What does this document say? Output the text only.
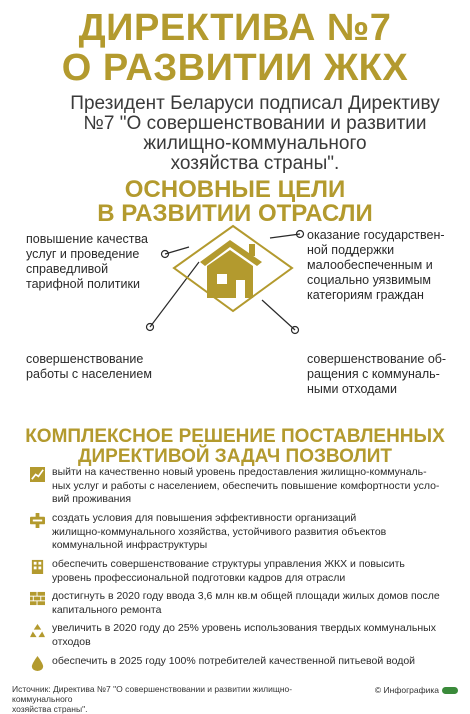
ДИРЕКТИВА №7
О РАЗВИТИИ ЖКХ
Президент Беларуси подписал Директиву
№7 "О совершенствовании и развитии
жилищно-коммунального
хозяйства страны".
ОСНОВНЫЕ ЦЕЛИ
В РАЗВИТИИ ОТРАСЛИ
повышение качества
услуг и проведение
справедливой
тарифной политики
оказание государствен-
ной поддержки
малообеспеченным и
социально уязвимым
категориям граждан
совершенствование
работы с населением
совершенствование об-
ращения с коммуналь-
ными отходами
КОМПЛЕКСНОЕ РЕШЕНИЕ ПОСТАВЛЕННЫХ
ДИРЕКТИВОЙ ЗАДАЧ ПОЗВОЛИТ
выйти на качественно новый уровень предоставления жилищно-коммуналь-
ных услуг и работы с населением, обеспечить повышение комфортности усло-
вий проживания
создать условия для повышения эффективности организаций
жилищно-коммунального хозяйства, устойчивого развития объектов
коммунальной инфраструктуры
обеспечить совершенствование структуры управления ЖКХ и повысить
уровень профессиональной подготовки кадров для отрасли
достигнуть в 2020 году ввода 3,6 млн кв.м общей площади жилых домов после
капитального ремонта
увеличить в 2020 году до 25% уровень использования твердых коммунальных
отходов
обеспечить в 2025 году 100% потребителей качественной питьевой водой
Источник: Директива №7 "О совершенствовании и развитии жилищно-коммунального
хозяйства страны".
© Инфографика
